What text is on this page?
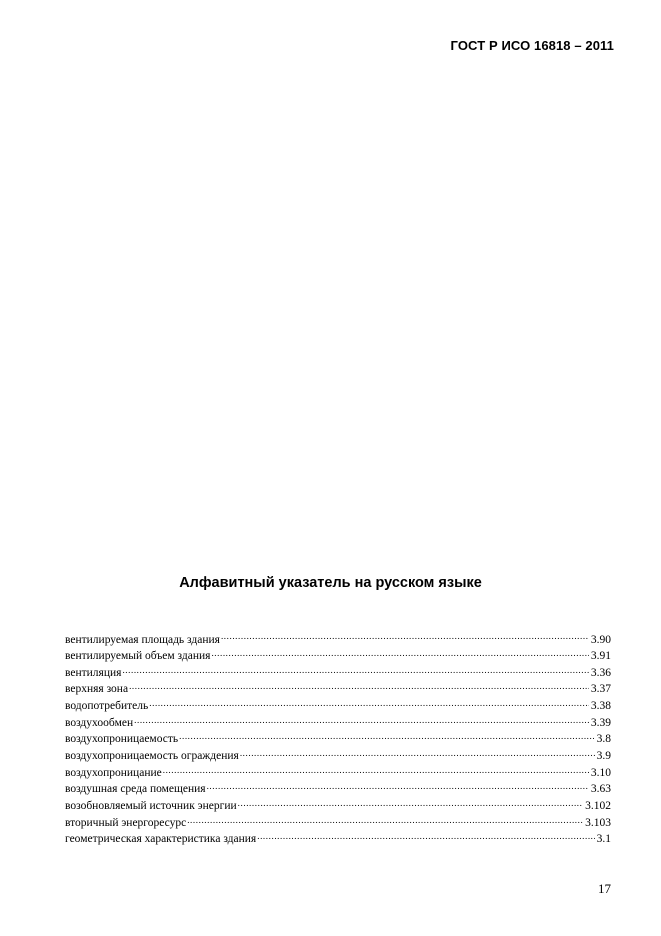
ГОСТ Р ИСО 16818 – 2011
Алфавитный указатель на русском языке
вентилируемая площадь здания .....	3.90
вентилируемый объем здания .....	3.91
вентиляция .....	3.36
верхняя зона .....	3.37
водопотребитель .....	3.38
воздухообмен .....	3.39
воздухопроницаемость .....	3.8
воздухопроницаемость ограждения .....	3.9
воздухопроницание .....	3.10
воздушная среда помещения .....	3.63
возобновляемый источник энергии .....	3.102
вторичный энергоресурс .....	3.103
геометрическая характеристика здания .....	3.1
17
